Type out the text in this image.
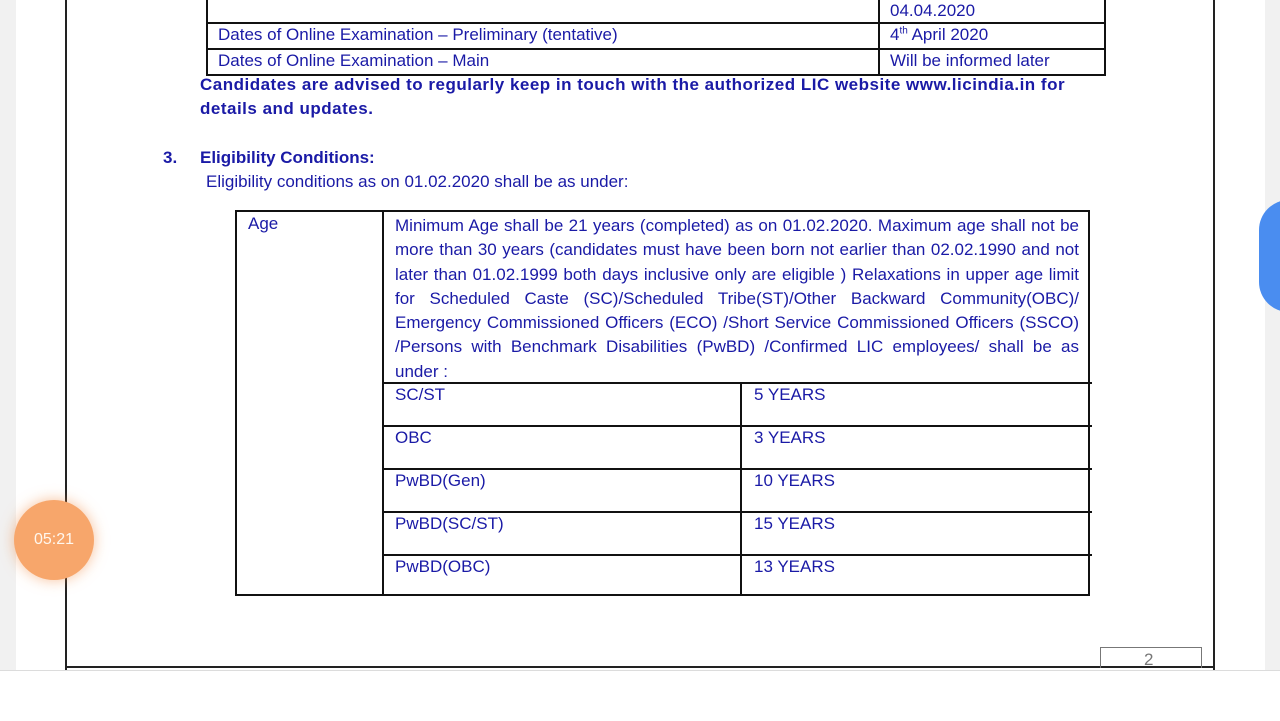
04.04.2020
Dates of Online Examination – Preliminary (tentative)	4th April 2020
Dates of Online Examination – Main	Will be informed later
Candidates are advised to regularly keep in touch with the authorized LIC website www.licindia.in for
details and updates.
3. Eligibility Conditions:
Eligibility conditions as on 01.02.2020 shall be as under:
Age	Minimum Age shall be 21 years (completed) as on 01.02.2020. Maximum age shall not be more than 30 years (candidates must have been born not earlier than 02.02.1990 and not later than 01.02.1999 both days inclusive only are eligible ) Relaxations in upper age limit for Scheduled Caste (SC)/Scheduled Tribe(ST)/Other Backward Community(OBC)/ Emergency Commissioned Officers (ECO) /Short Service Commissioned Officers (SSCO) /Persons with Benchmark Disabilities (PwBD) /Confirmed LIC employees/ shall be as under :
SC/ST	5 YEARS
OBC	3 YEARS
PwBD(Gen)	10 YEARS
PwBD(SC/ST)	15 YEARS
PwBD(OBC)	13 YEARS
2
05:21
